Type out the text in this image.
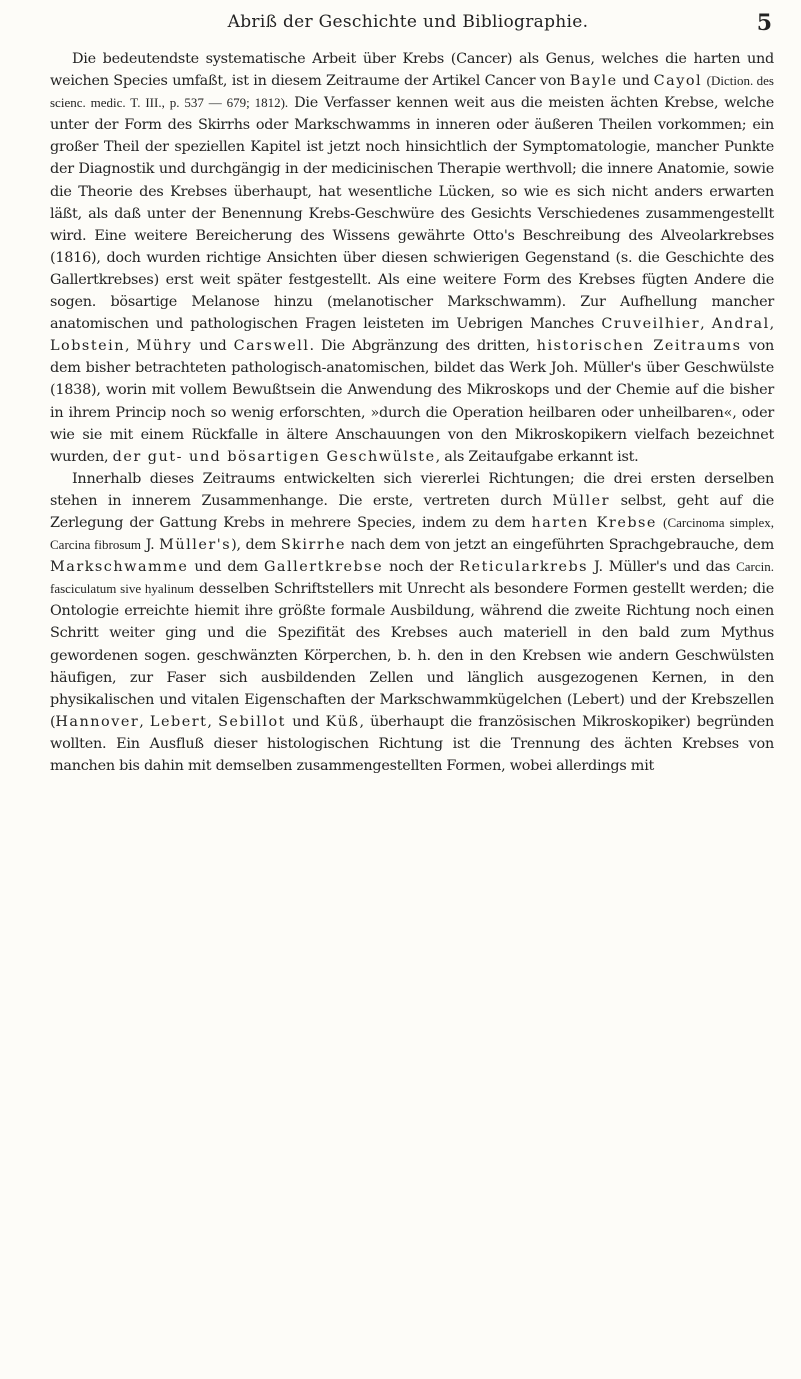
Abriß der Geschichte und Bibliographie.	5

Die bedeutendste systematische Arbeit über Krebs (Cancer) als Genus, welches die harten und weichen Species umfaßt, ist in diesem Zeitraume der Artikel Cancer von Bayle und Cayol (Diction. des scienc. medic. T. III., p. 537 — 679; 1812). Die Verfasser kennen weit aus die meisten ächten Krebse, welche unter der Form des Skirrhs oder Markschwamms in inneren oder äußeren Theilen vorkommen; ein großer Theil der speziellen Kapitel ist jetzt noch hinsichtlich der Symptomatologie, mancher Punkte der Diagnostik und durchgängig in der medicinischen Therapie werthvoll; die innere Anatomie, sowie die Theorie des Krebses überhaupt, hat wesentliche Lücken, so wie es sich nicht anders erwarten läßt, als daß unter der Benennung Krebs-Geschwüre des Gesichts Verschiedenes zusammengestellt wird. Eine weitere Bereicherung des Wissens gewährte Otto's Beschreibung des Alveolarkrebses (1816), doch wurden richtige Ansichten über diesen schwierigen Gegenstand (s. die Geschichte des Gallertkrebses) erst weit später festgestellt. Als eine weitere Form des Krebses fügten Andere die sogen. bösartige Melanose hinzu (melanotischer Markschwamm). Zur Aufhellung mancher anatomischen und pathologischen Fragen leisteten im Uebrigen Manches Cruveilhier, Andral, Lobstein, Mühry und Carswell. Die Abgränzung des dritten, historischen Zeitraums von dem bisher betrachteten pathologisch-anatomischen, bildet das Werk Joh. Müller's über Geschwülste (1838), worin mit vollem Bewußtsein die Anwendung des Mikroskops und der Chemie auf die bisher in ihrem Princip noch so wenig erforschten, »durch die Operation heilbaren oder unheilbaren«, oder wie sie mit einem Rückfalle in ältere Anschauungen von den Mikroskopikern vielfach bezeichnet wurden, der gut- und bösartigen Geschwülste, als Zeitaufgabe erkannt ist.

Innerhalb dieses Zeitraums entwickelten sich viererlei Richtungen; die drei ersten derselben stehen in innerem Zusammenhange. Die erste, vertreten durch Müller selbst, geht auf die Zerlegung der Gattung Krebs in mehrere Species, indem zu dem harten Krebse (Carcinoma simplex, Carcina fibrosum J. Müller's), dem Skirrhe nach dem von jetzt an eingeführten Sprachgebrauche, dem Markschwamme und dem Gallertkrebse noch der Reticularkrebs J. Müller's und das Carcin. fasciculatum sive hyalinum desselben Schriftstellers mit Unrecht als besondere Formen gestellt werden; die Ontologie erreichte hiemit ihre größte formale Ausbildung, während die zweite Richtung noch einen Schritt weiter ging und die Spezifität des Krebses auch materiell in den bald zum Mythus gewordenen sogen. geschwänzten Körperchen, b. h. den in den Krebsen wie andern Geschwülsten häufigen, zur Faser sich ausbildenden Zellen und länglich ausgezogenen Kernen, in den physikalischen und vitalen Eigenschaften der Markschwammkügelchen (Lebert) und der Krebszellen (Hannover, Lebert, Sebillot und Küß, überhaupt die französischen Mikroskopiker) begründen wollten. Ein Ausfluß dieser histologischen Richtung ist die Trennung des ächten Krebses von manchen bis dahin mit demselben zusammengestellten Formen, wobei allerdings mit
